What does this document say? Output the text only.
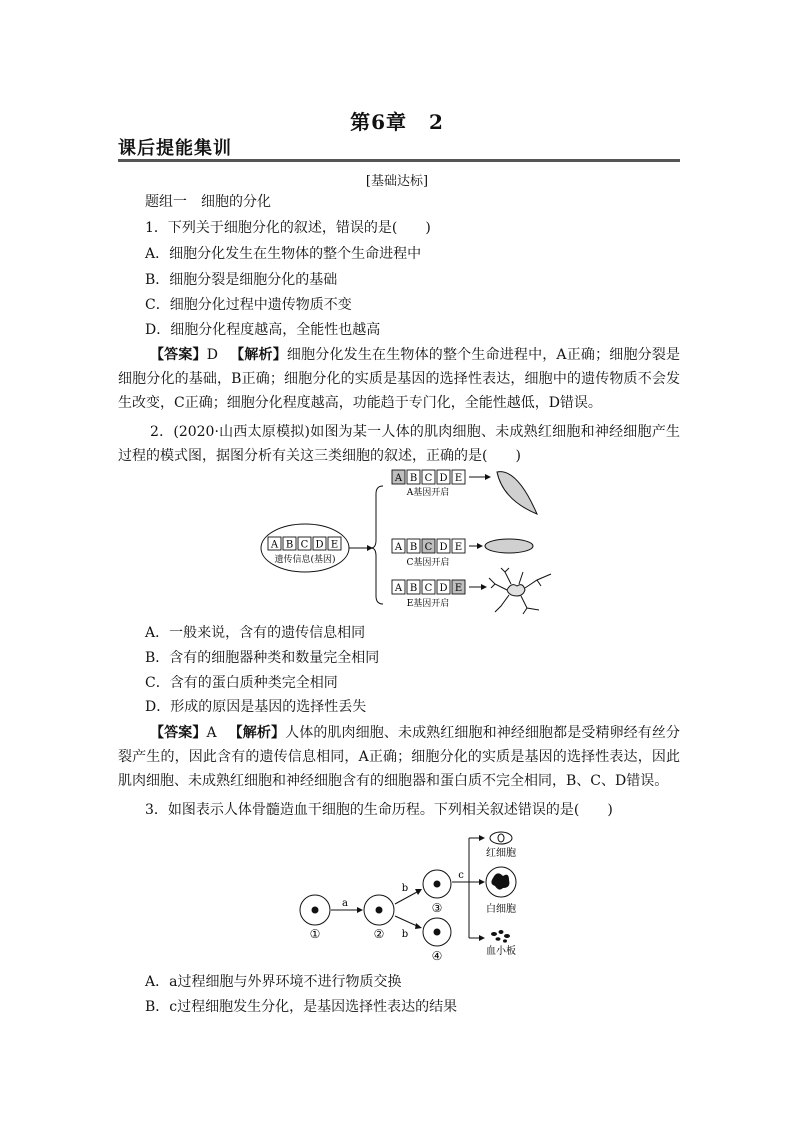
第6章 2
课后提能集训
[基础达标]
题组一　细胞的分化
1．下列关于细胞分化的叙述，错误的是(　　)
A．细胞分化发生在生物体的整个生命进程中
B．细胞分裂是细胞分化的基础
C．细胞分化过程中遗传物质不变
D．细胞分化程度越高，全能性也越高
【答案】D 【解析】细胞分化发生在生物体的整个生命进程中，A正确；细胞分裂是细胞分化的基础，B正确；细胞分化的实质是基因的选择性表达，细胞中的遗传物质不会发生改变，C正确；细胞分化程度越高，功能趋于专门化，全能性越低，D错误。
2．(2020·山西太原模拟)如图为某一人体的肌肉细胞、未成熟红细胞和神经细胞产生过程的模式图，据图分析有关这三类细胞的叙述，正确的是(　　)
A B C D E
遗传信息(基因)
A B C D E
A基因开启
A B C D E
C基因开启
A B C D E
E基因开启
A．一般来说，含有的遗传信息相同
B．含有的细胞器种类和数量完全相同
C．含有的蛋白质种类完全相同
D．形成的原因是基因的选择性丢失
【答案】A 【解析】人体的肌肉细胞、未成熟红细胞和神经细胞都是受精卵经有丝分裂产生的，因此含有的遗传信息相同，A正确；细胞分化的实质是基因的选择性表达，因此肌肉细胞、未成熟红细胞和神经细胞含有的细胞器和蛋白质不完全相同，B、C、D错误。
3．如图表示人体骨髓造血干细胞的生命历程。下列相关叙述错误的是(　　)
①
a
②
b
b
③
④
c
红细胞
白细胞
血小板
A．a过程细胞与外界环境不进行物质交换
B．c过程细胞发生分化，是基因选择性表达的结果
